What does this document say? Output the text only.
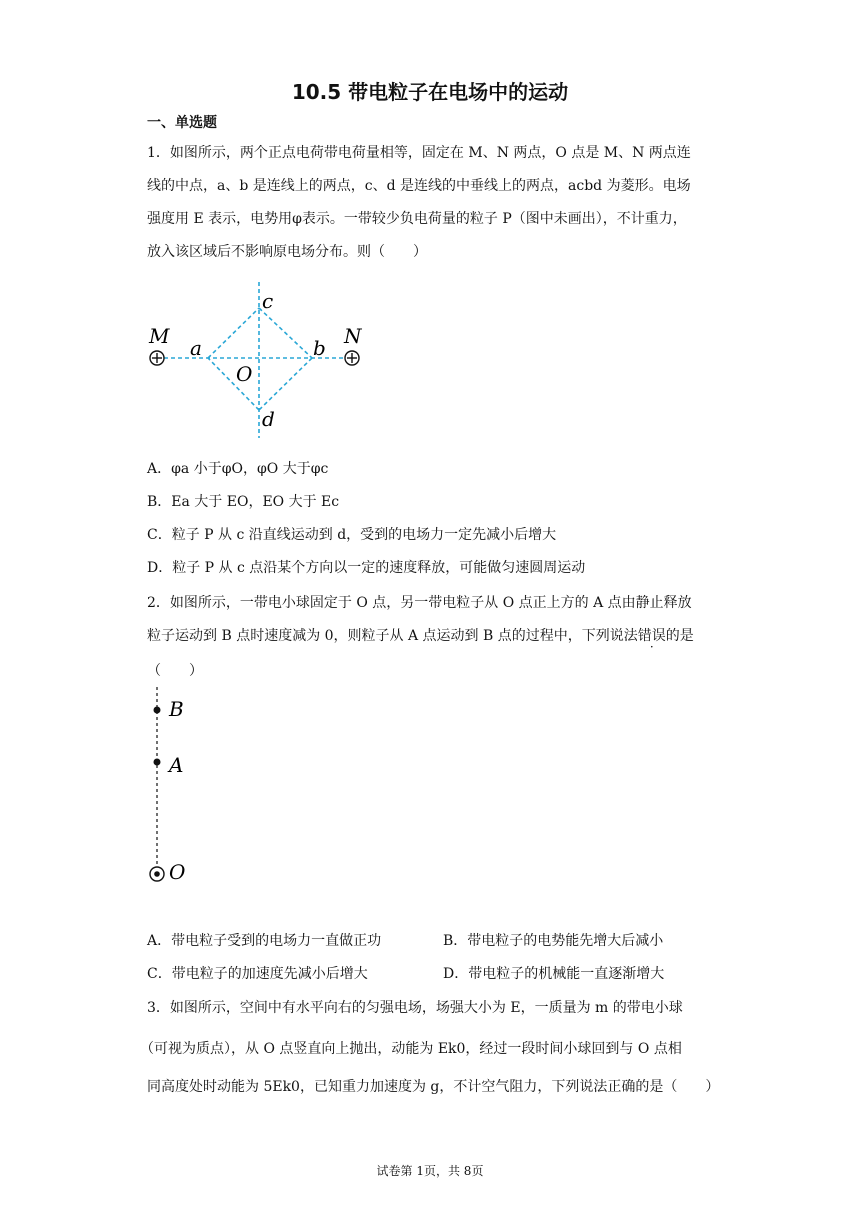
10.5 带电粒子在电场中的运动
一、单选题
1．如图所示，两个正点电荷带电荷量相等，固定在 M、N 两点，O 点是 M、N 两点连
线的中点，a、b 是连线上的两点，c、d 是连线的中垂线上的两点，acbd 为菱形。电场
强度用 E 表示，电势用φ表示。一带较少负电荷量的粒子 P（图中未画出），不计重力，
放入该区域后不影响原电场分布。则（　　）
M	N
a	b
c
d
O
A．φa 小于φO，φO 大于φc
B．Ea 大于 EO，EO 大于 Ec
C．粒子 P 从 c 沿直线运动到 d，受到的电场力一定先减小后增大
D．粒子 P 从 c 点沿某个方向以一定的速度释放，可能做匀速圆周运动
2．如图所示，一带电小球固定于 O 点，另一带电粒子从 O 点正上方的 A 点由静止释放
粒子运动到 B 点时速度减为 0，则粒子从 A 点运动到 B 点的过程中，下列说法错误的是
（　　）
B
A
O
A．带电粒子受到的电场力一直做正功	B．带电粒子的电势能先增大后减小
C．带电粒子的加速度先减小后增大	D．带电粒子的机械能一直逐渐增大
3．如图所示，空间中有水平向右的匀强电场，场强大小为 E，一质量为 m 的带电小球
（可视为质点），从 O 点竖直向上抛出，动能为 Ek0，经过一段时间小球回到与 O 点相
同高度处时动能为 5Ek0，已知重力加速度为 g，不计空气阻力，下列说法正确的是（　　）
试卷第 1页，共 8页
